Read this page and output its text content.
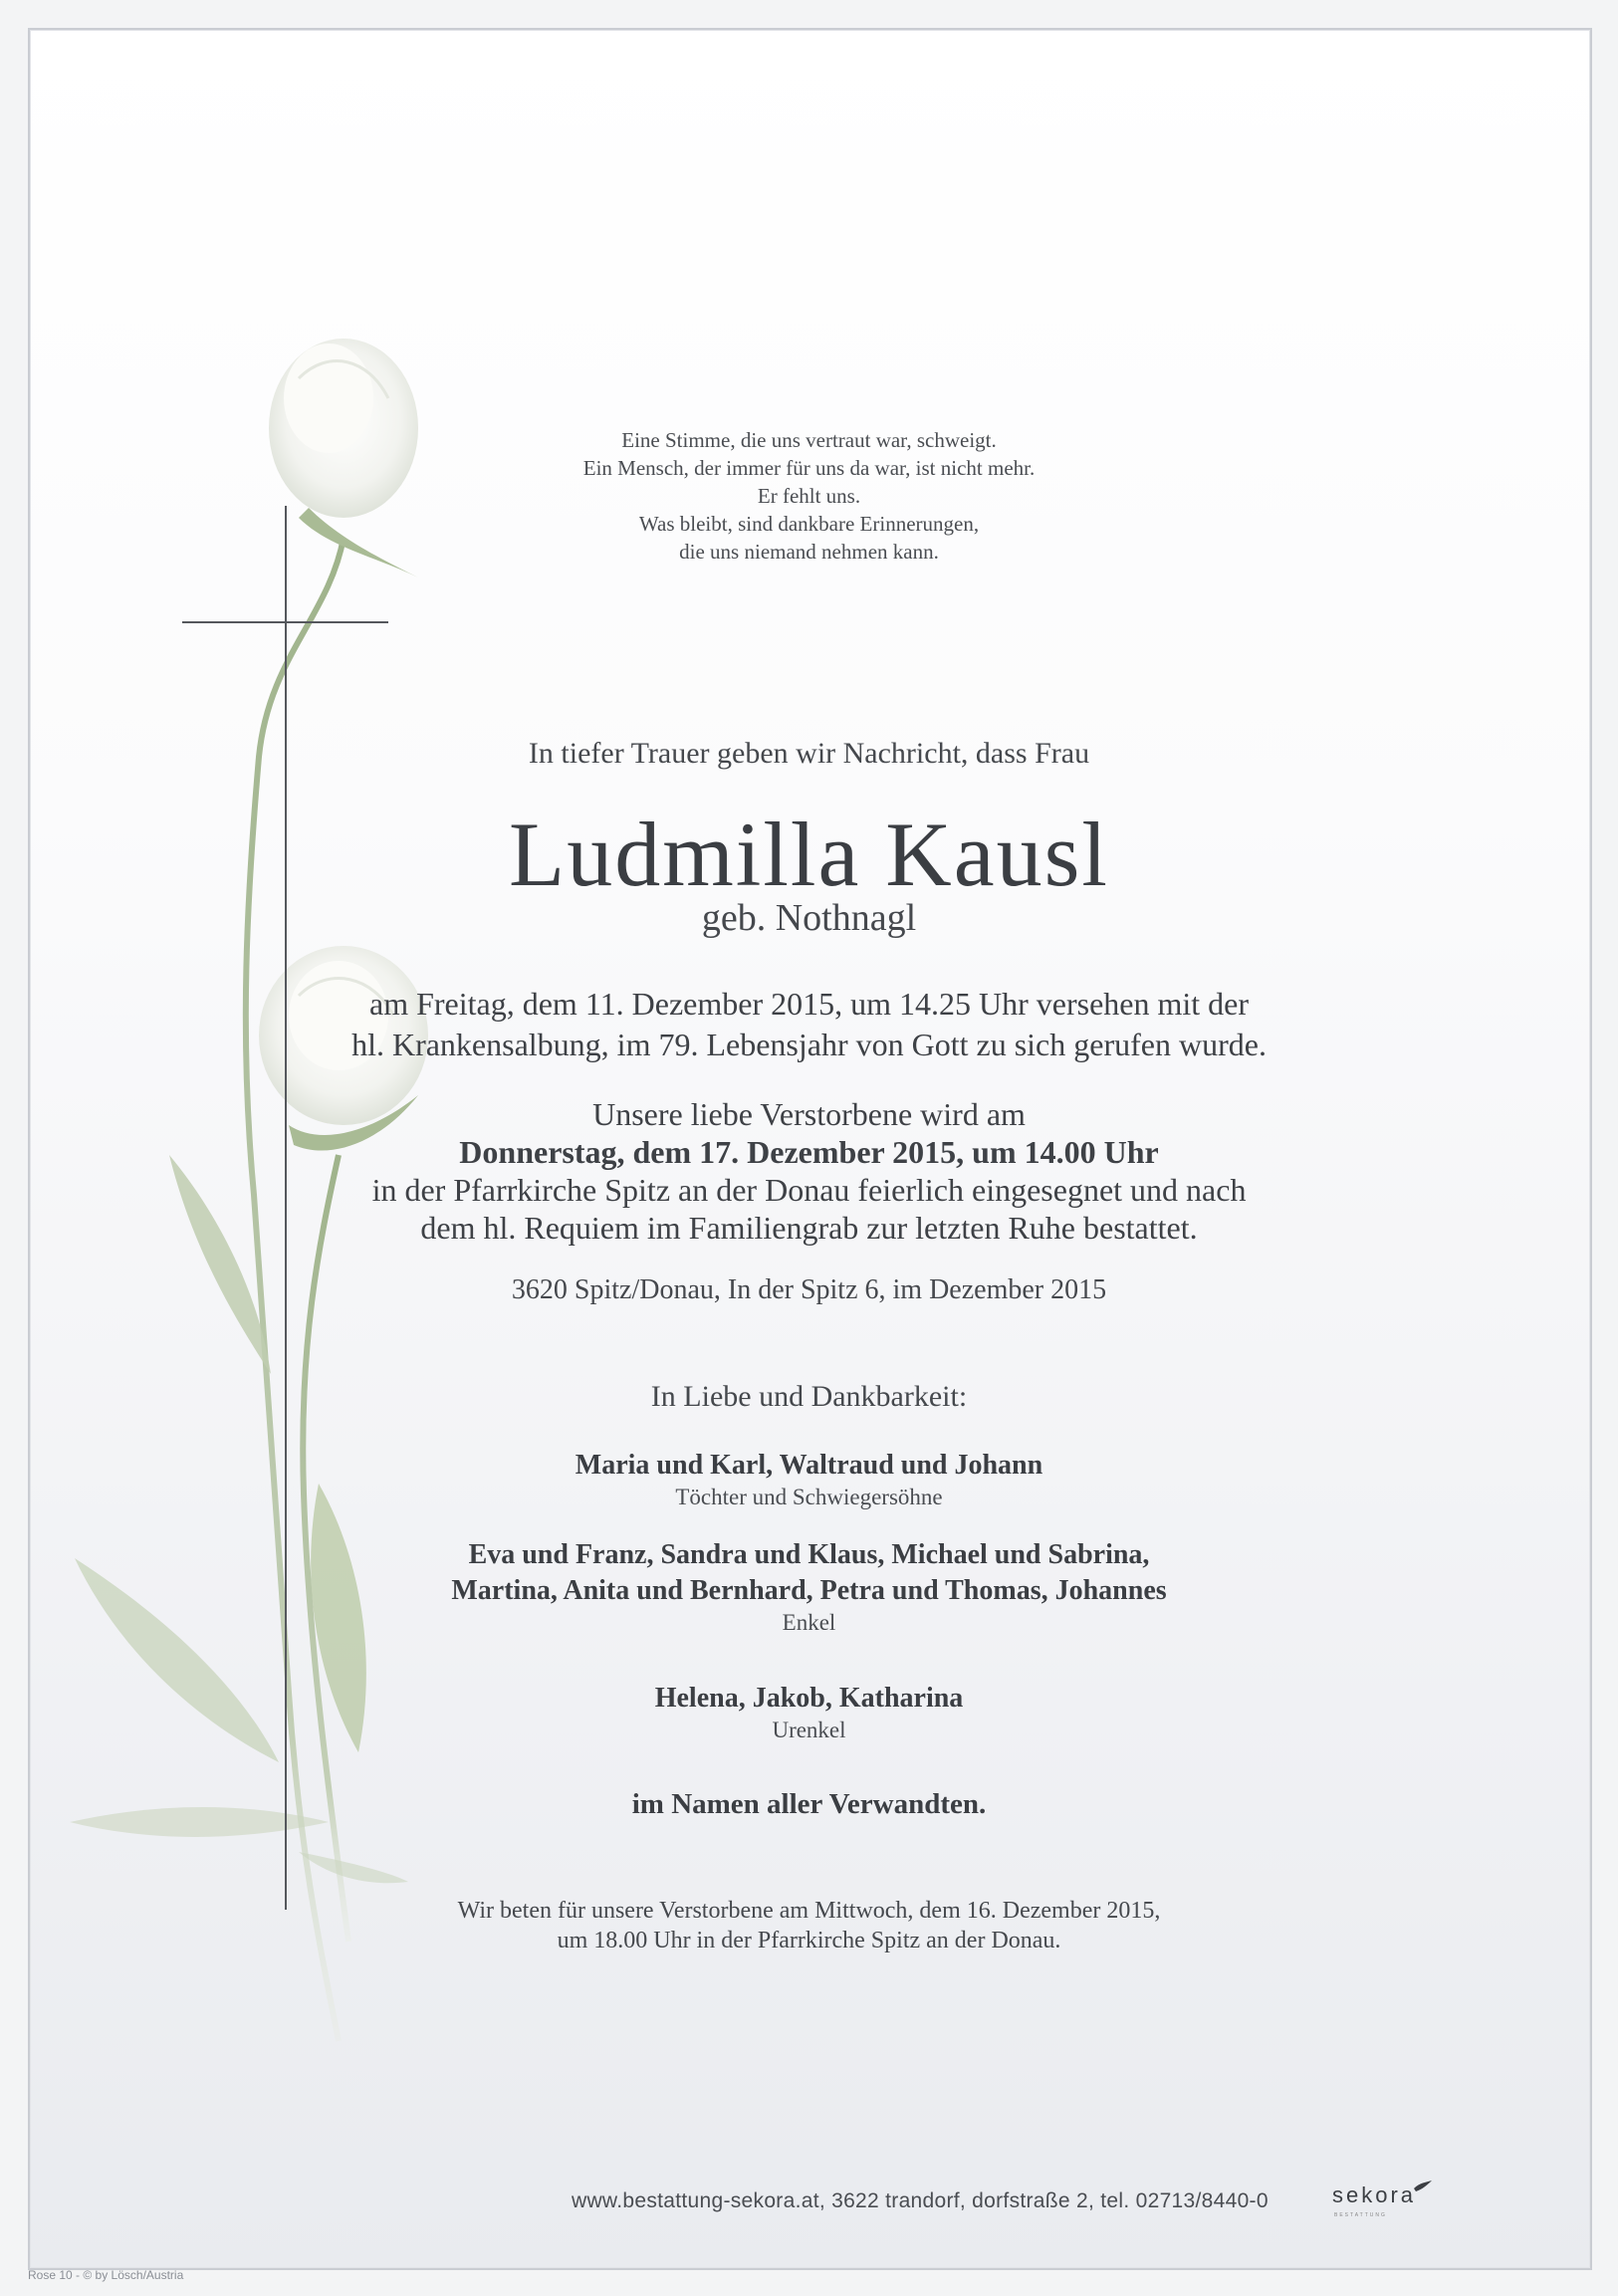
Eine Stimme, die uns vertraut war, schweigt.
Ein Mensch, der immer für uns da war, ist nicht mehr.
Er fehlt uns.
Was bleibt, sind dankbare Erinnerungen,
die uns niemand nehmen kann.
In tiefer Trauer geben wir Nachricht, dass Frau
Ludmilla Kausl
geb. Nothnagl
am Freitag, dem 11. Dezember 2015, um 14.25 Uhr versehen mit der
hl. Krankensalbung, im 79. Lebensjahr von Gott zu sich gerufen wurde.
Unsere liebe Verstorbene wird am
Donnerstag, dem 17. Dezember 2015, um 14.00 Uhr
in der Pfarrkirche Spitz an der Donau feierlich eingesegnet und nach
dem hl. Requiem im Familiengrab zur letzten Ruhe bestattet.
3620 Spitz/Donau, In der Spitz 6, im Dezember 2015
In Liebe und Dankbarkeit:
Maria und Karl, Waltraud und Johann
Töchter und Schwiegersöhne
Eva und Franz, Sandra und Klaus, Michael und Sabrina,
Martina, Anita und Bernhard, Petra und Thomas, Johannes
Enkel
Helena, Jakob, Katharina
Urenkel
im Namen aller Verwandten.
Wir beten für unsere Verstorbene am Mittwoch, dem 16. Dezember 2015,
um 18.00 Uhr in der Pfarrkirche Spitz an der Donau.
www.bestattung-sekora.at, 3622 trandorf, dorfstraße 2, tel. 02713/8440-0	sekora
BESTATTUNG
Rose 10 - © by Lösch/Austria
